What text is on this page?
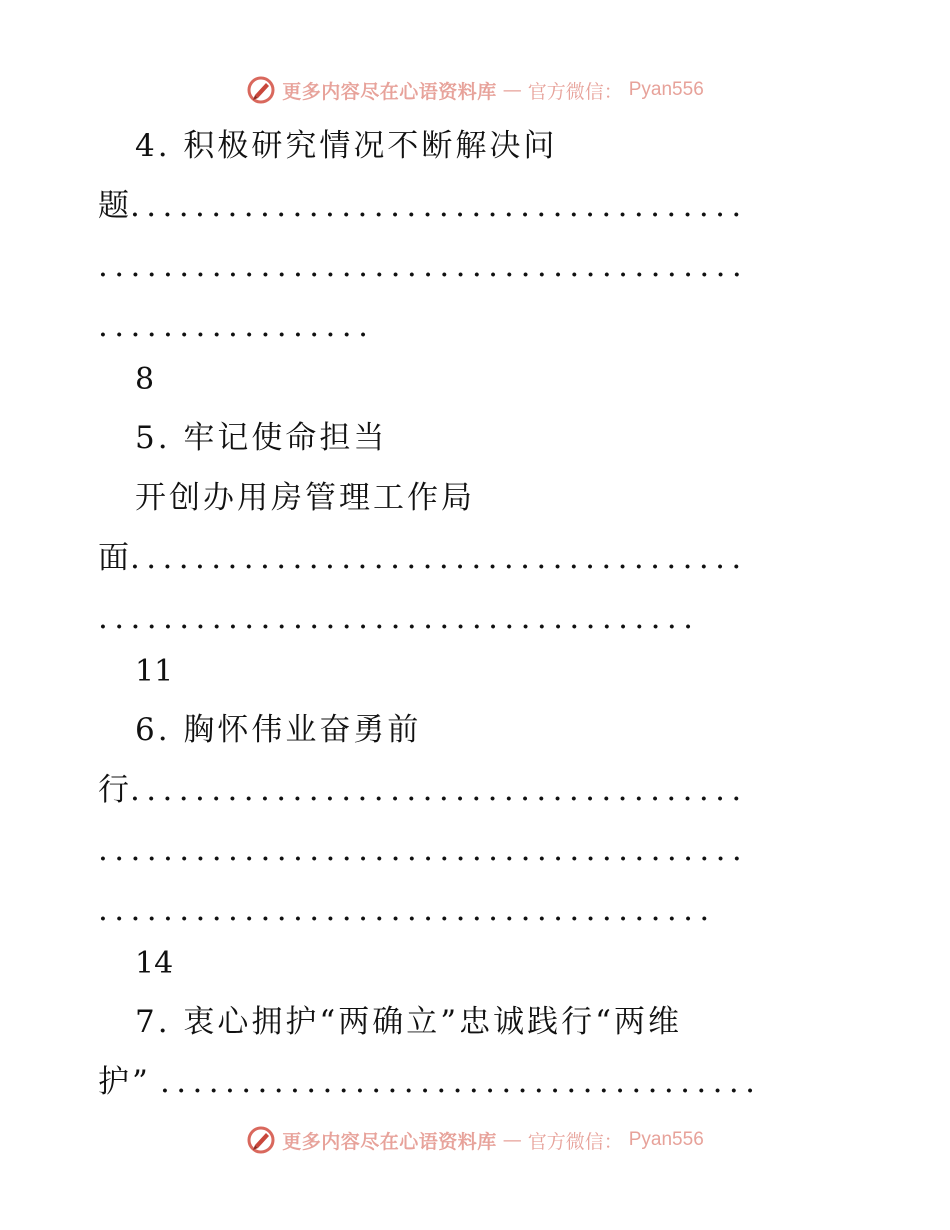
更多内容尽在心语资料库 — 官方微信： Pyan556
4. 积极研究情况不断解决问
题
......................................
........................................
.................
8
5. 牢记使命担当
开创办用房管理工作局
面
......................................
.....................................
11
6. 胸怀伟业奋勇前
行
......................................
........................................
......................................
14
7. 衷心拥护“两确立”忠诚践行“两维
护” .....................................
更多内容尽在心语资料库 — 官方微信： Pyan556
